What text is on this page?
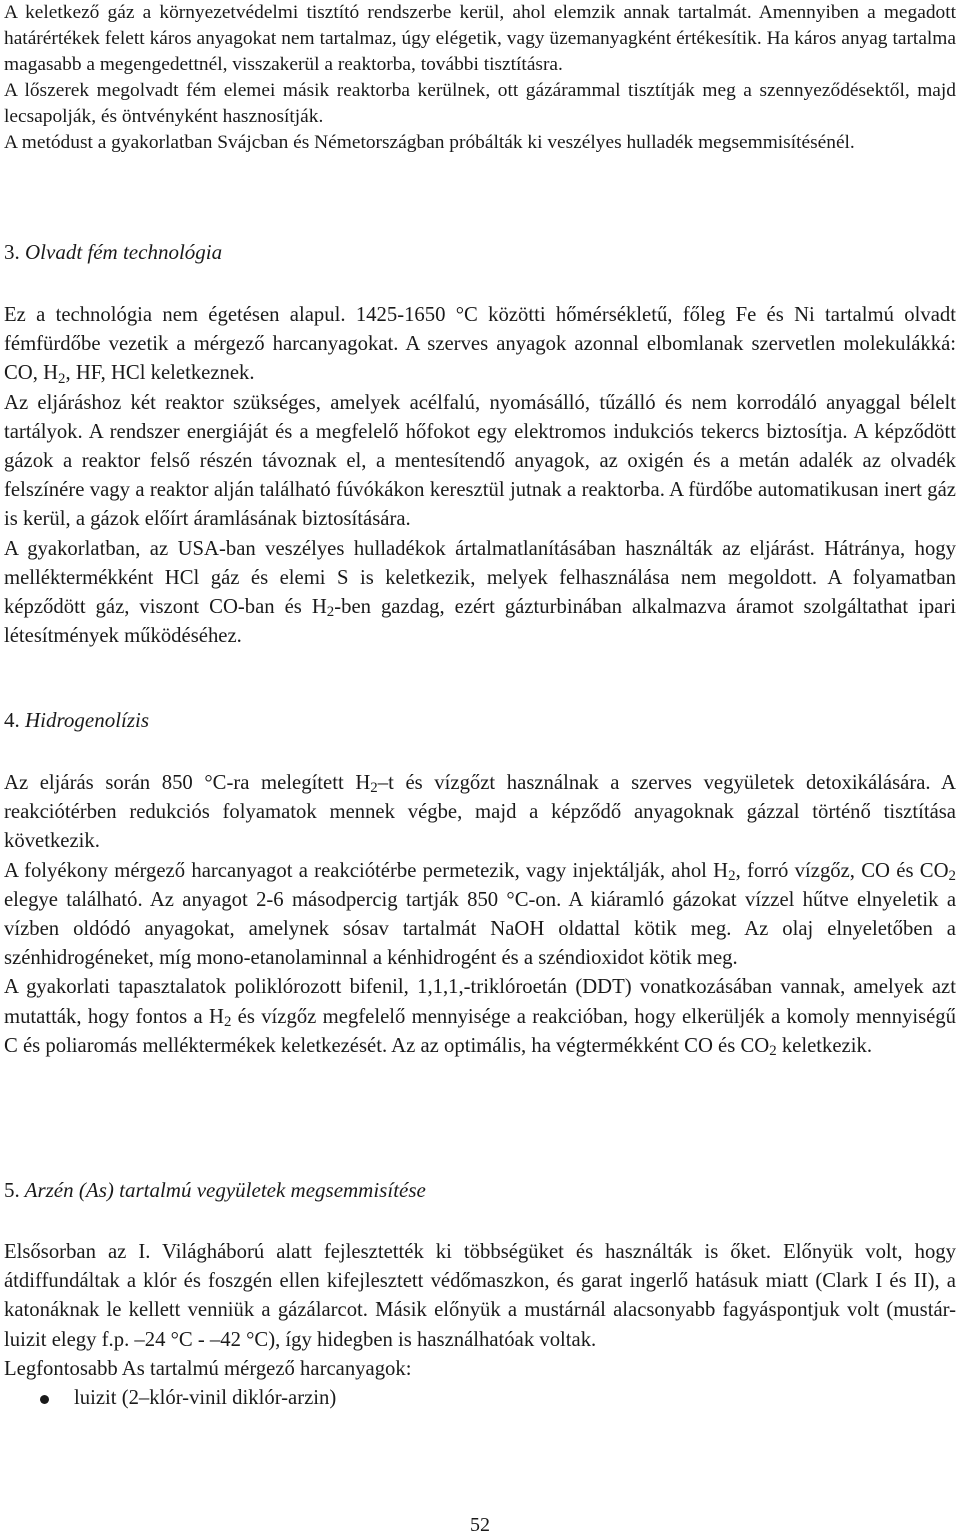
A keletkező gáz a környezetvédelmi tisztító rendszerbe kerül, ahol elemzik annak tartalmát. Amennyiben a megadott határértékek felett káros anyagokat nem tartalmaz, úgy elégetik, vagy üzemanyagként értékesítik. Ha káros anyag tartalma magasabb a megengedettnél, visszakerül a reaktorba, további tisztításra.

A lőszerek megolvadt fém elemei másik reaktorba kerülnek, ott gázárammal tisztítják meg a szennyeződésektől, majd lecsapolják, és öntvényként hasznosítják.

A metódust a gyakorlatban Svájcban és Németországban próbálták ki veszélyes hulladék megsemmisítésénél.

3. Olvadt fém technológia

Ez a technológia nem égetésen alapul. 1425-1650 °C közötti hőmérsékletű, főleg Fe és Ni tartalmú olvadt fémfürdőbe vezetik a mérgező harcanyagokat. A szerves anyagok azonnal elbomlanak szervetlen molekulákká: CO, $H_2$, HF, HCl keletkeznek.

Az eljáráshoz két reaktor szükséges, amelyek acélfalú, nyomásálló, tűzálló és nem korrodáló anyaggal bélelt tartályok. A rendszer energiáját és a megfelelő hőfokot egy elektromos indukciós tekercs biztosítja. A képződött gázok a reaktor felső részén távoznak el, a mentesítendő anyagok, az oxigén és a metán adalék az olvadék felszínére vagy a reaktor alján található fúvókákon keresztül jutnak a reaktorba. A fürdőbe automatikusan inert gáz is kerül, a gázok előírt áramlásának biztosítására.

A gyakorlatban, az USA-ban veszélyes hulladékok ártalmatlanításában használták az eljárást. Hátránya, hogy melléktermékként HCl gáz és elemi S is keletkezik, melyek felhasználása nem megoldott. A folyamatban képződött gáz, viszont CO-ban és $H_2$-ben gazdag, ezért gázturbinában alkalmazva áramot szolgáltathat ipari létesítmények működéséhez.

4. Hidrogenolízis

Az eljárás során 850 °C-ra melegített $H_2-t$ és vízgőzt használnak a szerves vegyületek detoxikálására. A reakciótérben redukciós folyamatok mennek végbe, majd a képződő anyagoknak gázzal történő tisztítása következik.

A folyékony mérgező harcanyagot a reakciótérbe permetezik, vagy injektálják, ahol $H_2$, forró vízgőz, CO és $CO_2$ elegye található. Az anyagot 2-6 másodpercig tartják 850 °C-on. A kiáramló gázokat vízzel hűtve elnyeletik a vízben oldódó anyagokat, amelynek sósav tartalmát NaOH oldattal kötik meg. Az olaj elnyeletőben a szénhidrogéneket, míg mono-etanolaminnal a kénhidrogént és a széndioxidot kötik meg.

A gyakorlati tapasztalatok poliklórozott bifenil, 1,1,1,-triklóroetán (DDT) vonatkozásában vannak, amelyek azt mutatták, hogy fontos a $H_2$ és vízgőz megfelelő mennyisége a reakcióban, hogy elkerüljék a komoly mennyiségű C és poliaromás melléktermékek keletkezését. Az az optimális, ha végtermékként CO és $CO_2$ keletkezik.

5. Arzén (As) tartalmú vegyületek megsemmisítése

Elsősorban az I. Világháború alatt fejlesztették ki többségüket és használták is őket. Előnyük volt, hogy átdiffundáltak a klór és foszgén ellen kifejlesztett védőmaszkon, és garat ingerlő hatásuk miatt (Clark I és II), a katonáknak le kellett venniük a gázálarcot. Másik előnyük a mustárnál alacsonyabb fagyáspontjuk volt (mustár-luizit elegy f.p. –24 °C - –42 °C), így hidegben is használhatóak voltak.

Legfontosabb As tartalmú mérgező harcanyagok:

luizit (2–klór-vinil diklór-arzin)
52
